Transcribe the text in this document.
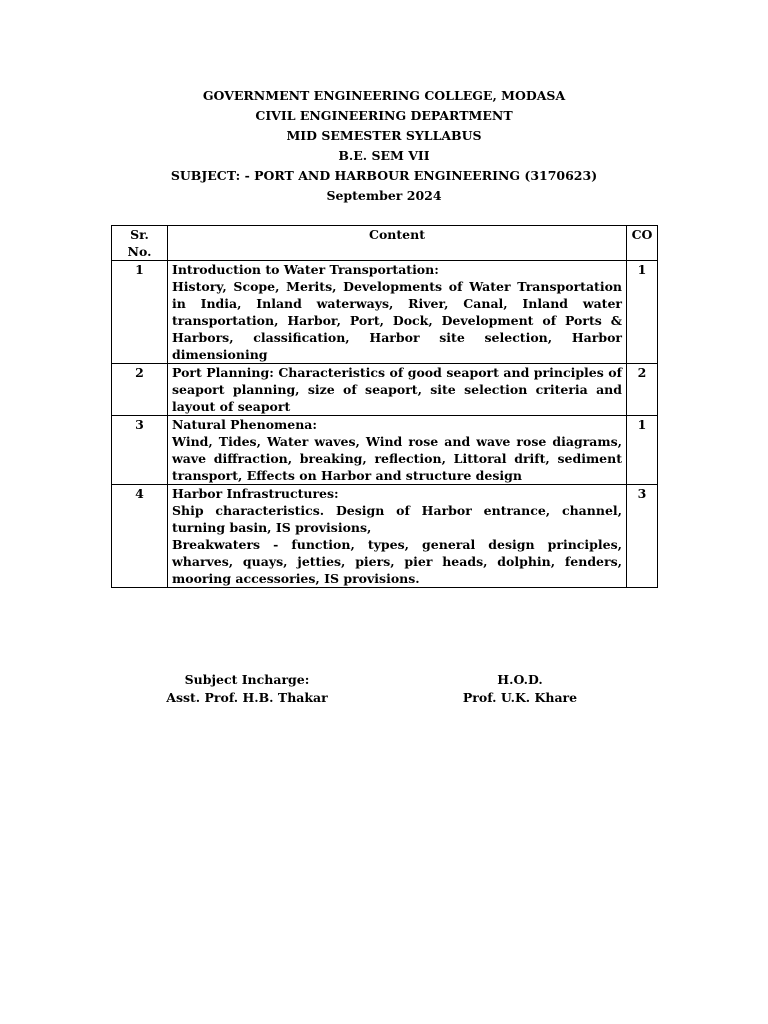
GOVERNMENT ENGINEERING COLLEGE, MODASA
CIVIL ENGINEERING DEPARTMENT
MID SEMESTER SYLLABUS
B.E. SEM VII
SUBJECT: - PORT AND HARBOUR ENGINEERING (3170623)
September 2024
Sr. No.	Content	CO
1	Introduction to Water Transportation:
History, Scope, Merits, Developments of Water Transportation in India, Inland waterways, River, Canal, Inland water transportation, Harbor, Port, Dock, Development of Ports & Harbors, classification, Harbor site selection, Harbor dimensioning	1
2	Port Planning: Characteristics of good seaport and principles of seaport planning, size of seaport, site selection criteria and layout of seaport	2
3	Natural Phenomena:
Wind, Tides, Water waves, Wind rose and wave rose diagrams, wave diffraction, breaking, reflection, Littoral drift, sediment transport, Effects on Harbor and structure design	1
4	Harbor Infrastructures:
Ship characteristics. Design of Harbor entrance, channel, turning basin, IS provisions,
Breakwaters - function, types, general design principles, wharves, quays, jetties, piers, pier heads, dolphin, fenders, mooring accessories, IS provisions.	3
Subject Incharge:
Asst. Prof. H.B. Thakar
H.O.D.
Prof. U.K. Khare
